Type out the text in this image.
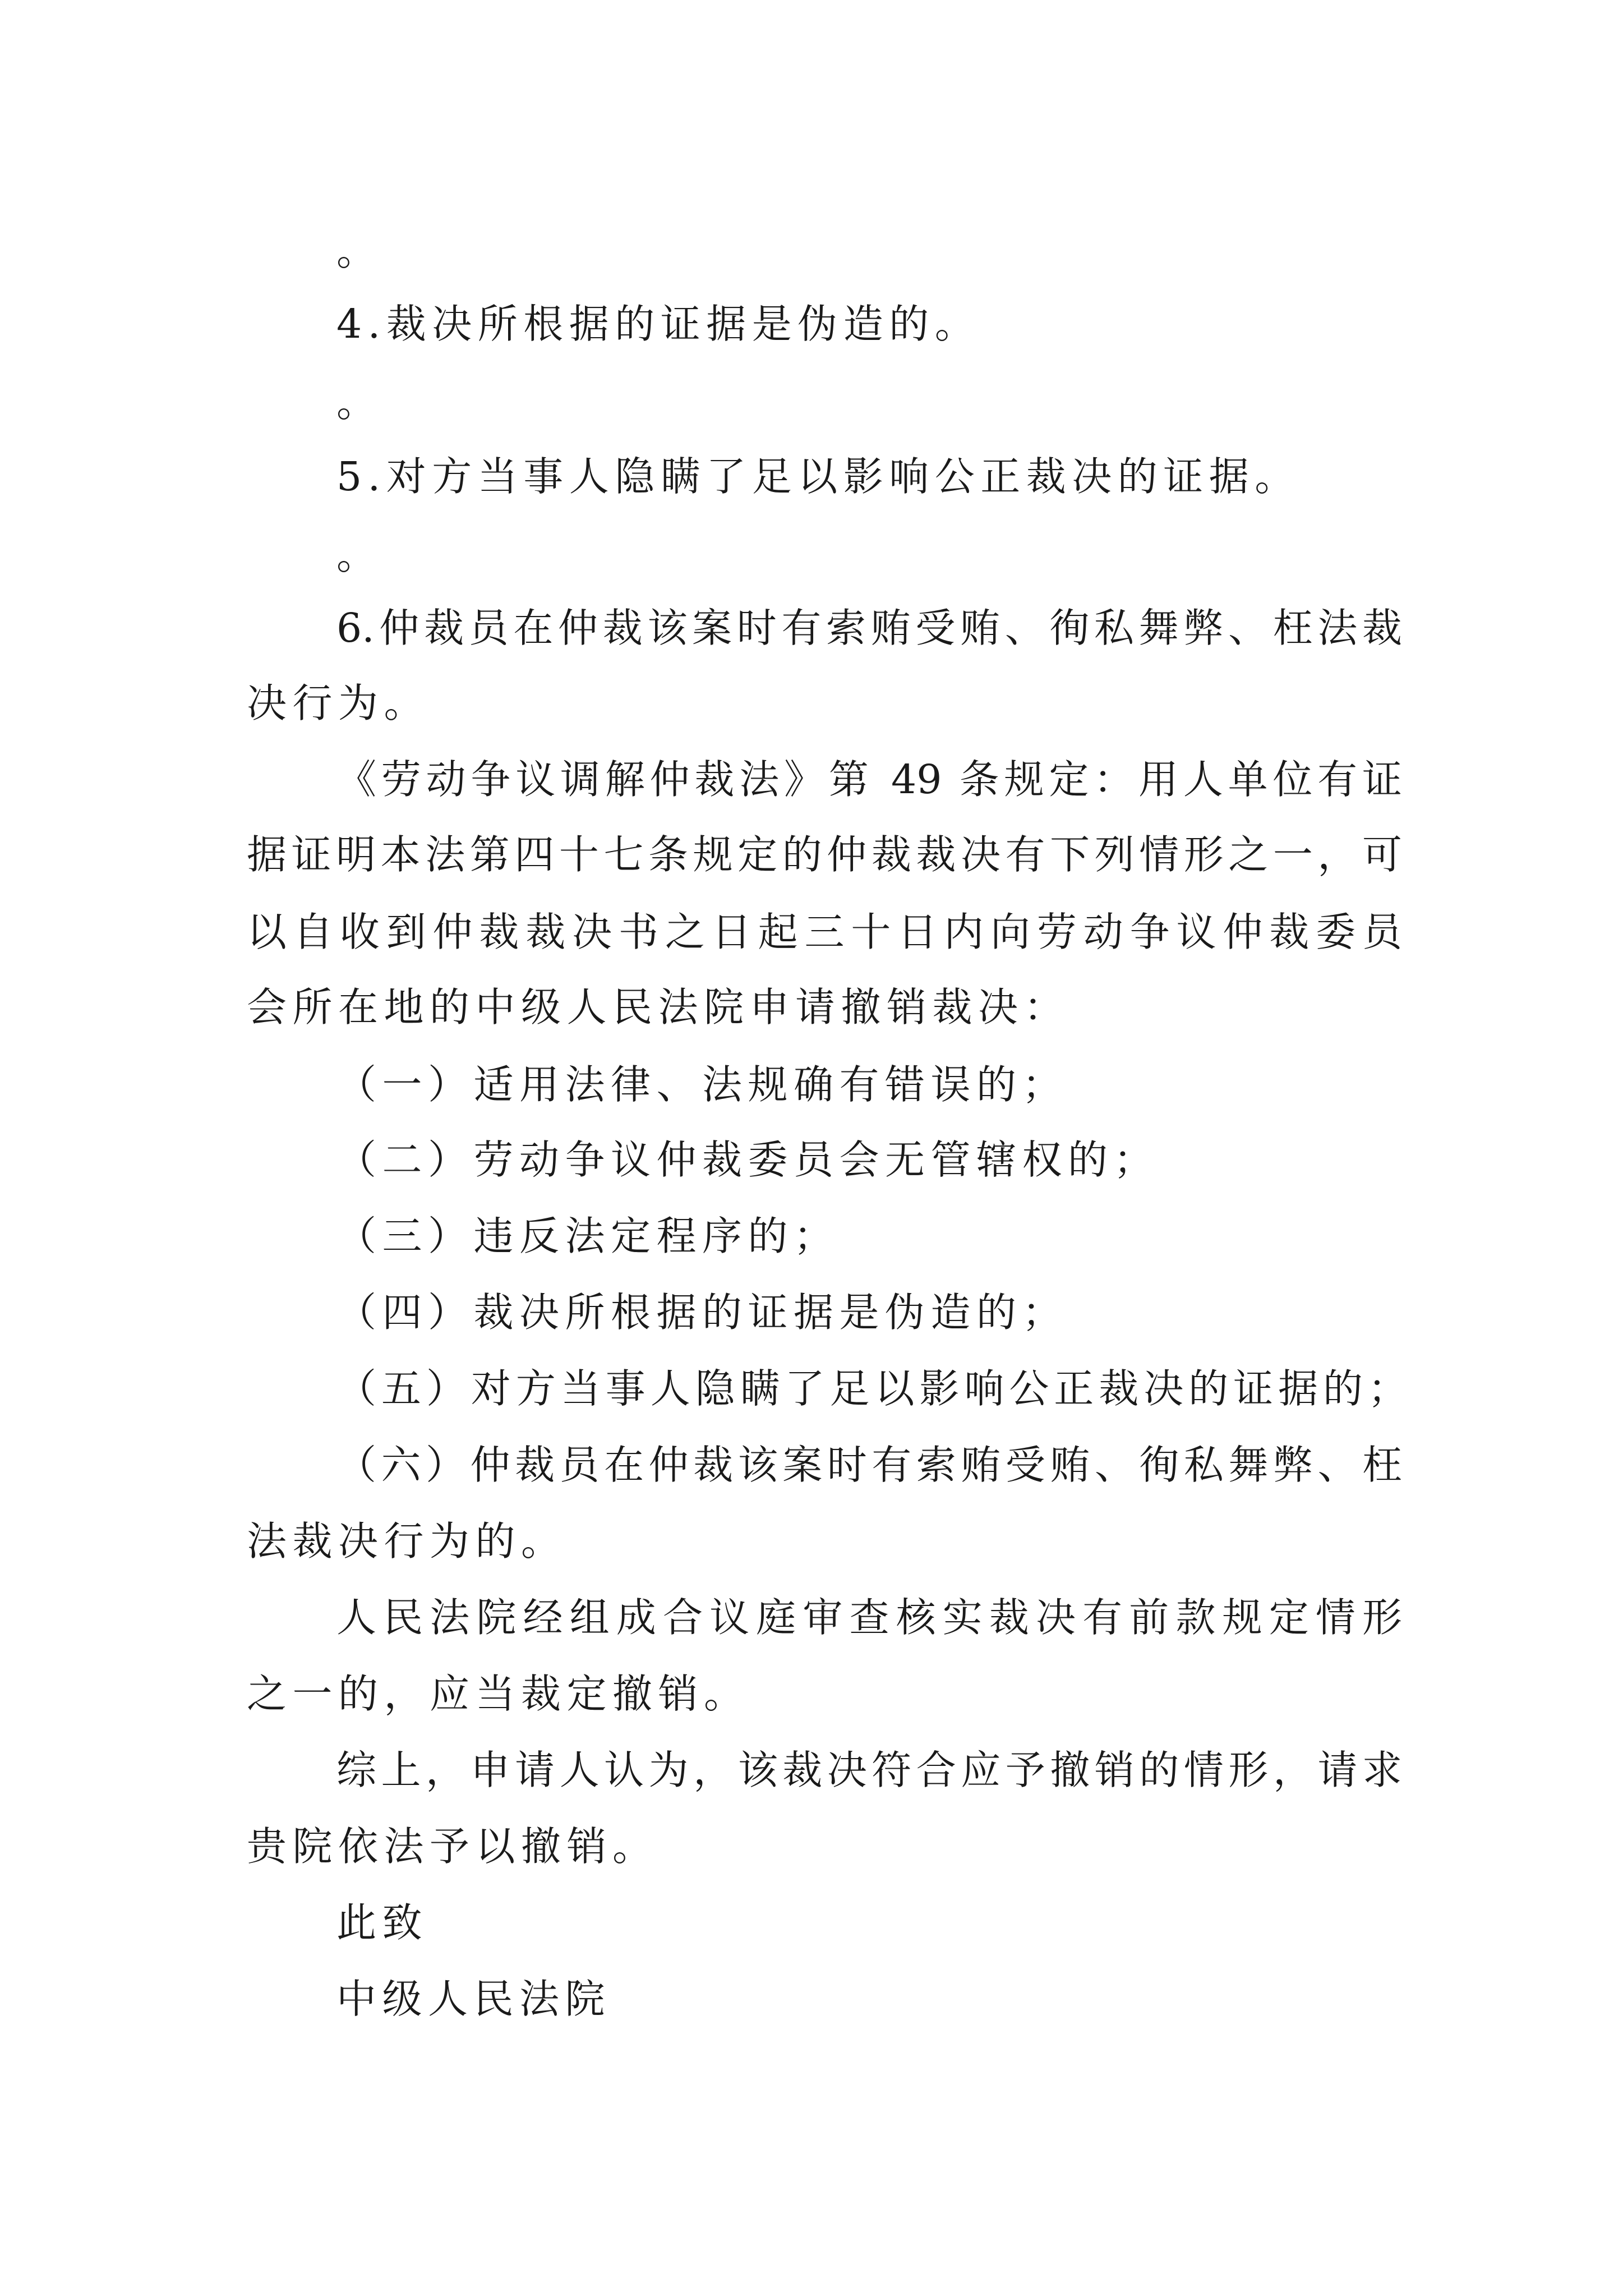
。
4.裁决所根据的证据是伪造的。
。
5.对方当事人隐瞒了足以影响公正裁决的证据。
。
6.仲裁员在仲裁该案时有索贿受贿、徇私舞弊、枉法裁
决行为。
《劳动争议调解仲裁法》第 49 条规定：用人单位有证
据证明本法第四十七条规定的仲裁裁决有下列情形之一，可
以自收到仲裁裁决书之日起三十日内向劳动争议仲裁委员
会所在地的中级人民法院申请撤销裁决：
（一）适用法律、法规确有错误的；
（二）劳动争议仲裁委员会无管辖权的；
（三）违反法定程序的；
（四）裁决所根据的证据是伪造的；
（五）对方当事人隐瞒了足以影响公正裁决的证据的；
（六）仲裁员在仲裁该案时有索贿受贿、徇私舞弊、枉
法裁决行为的。
人民法院经组成合议庭审查核实裁决有前款规定情形
之一的，应当裁定撤销。
综上，申请人认为，该裁决符合应予撤销的情形，请求
贵院依法予以撤销。
此致
中级人民法院
